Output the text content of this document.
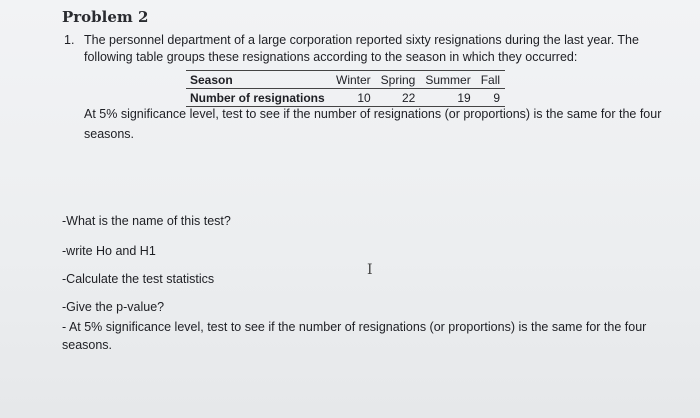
Problem 2
1. The personnel department of a large corporation reported sixty resignations during the last year. The following table groups these resignations according to the season in which they occurred:
Season	Winter	Spring	Summer	Fall
Number of resignations	10	22	19	9
At 5% significance level, test to see if the number of resignations (or proportions) is the same for the four seasons.
-What is the name of this test?
-write Ho and H1
-Calculate the test statistics
-Give the p-value?
- At 5% significance level, test to see if the number of resignations (or proportions) is the same for the four seasons.
I
